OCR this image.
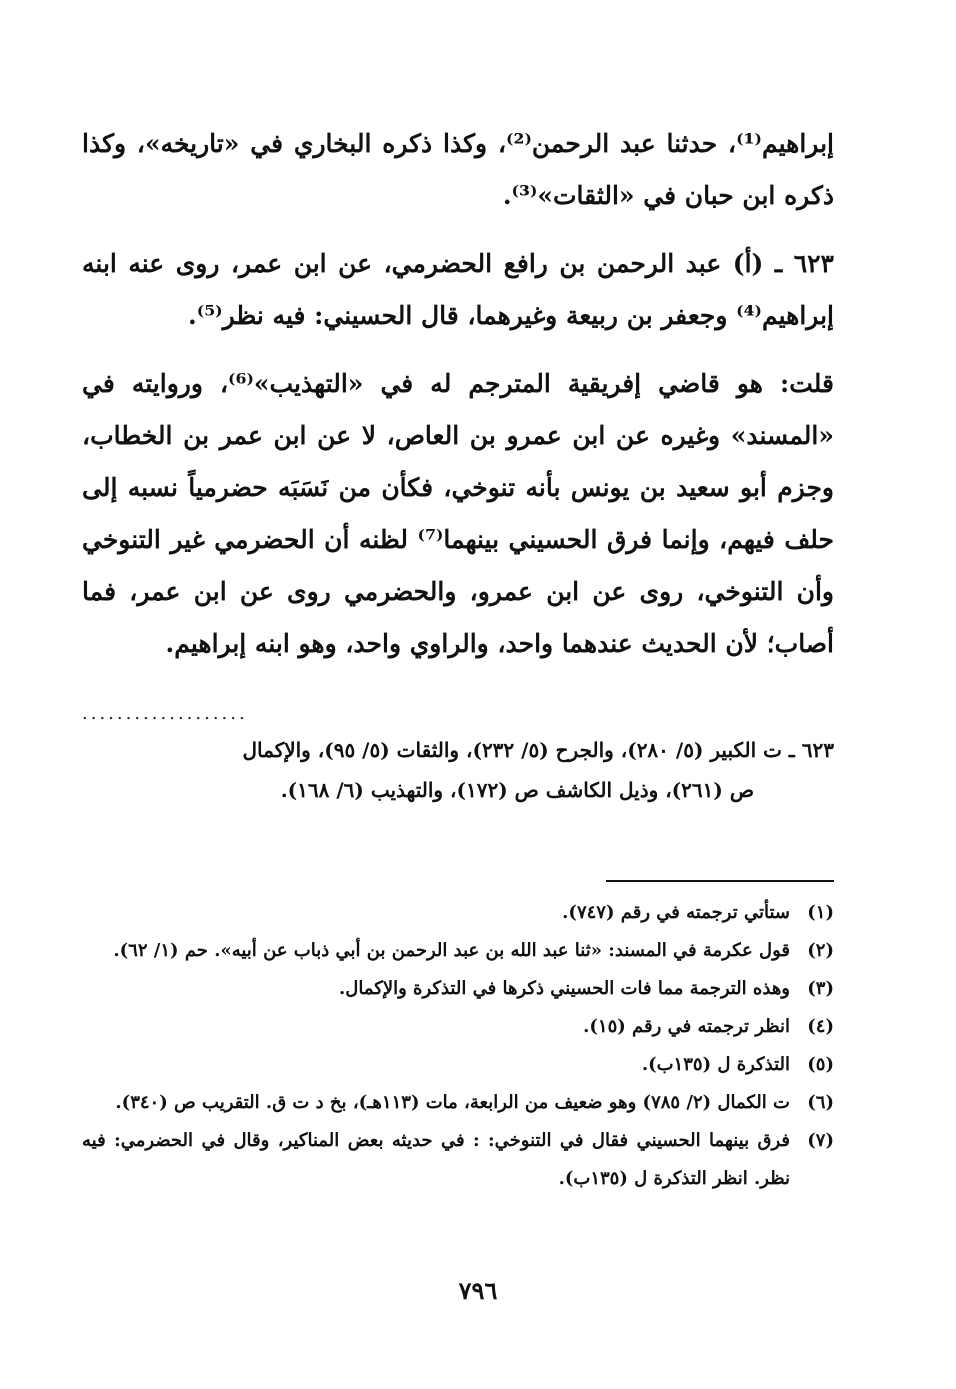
إبراهيم⁽¹⁾، حدثنا عبد الرحمن⁽²⁾، وكذا ذكره البخاري في «تاريخه»، وكذا ذكره ابن حبان في «الثقات»⁽³⁾.

٦٢٣ ـ (أ) عبد الرحمن بن رافع الحضرمي، عن ابن عمر، روى عنه ابنه إبراهيم⁽⁴⁾ وجعفر بن ربيعة وغيرهما، قال الحسيني: فيه نظر⁽⁵⁾.

قلت: هو قاضي إفريقية المترجم له في «التهذيب»⁽⁶⁾، وروايته في «المسند» وغيره عن ابن عمرو بن العاص، لا عن ابن عمر بن الخطاب، وجزم أبو سعيد بن يونس بأنه تنوخي، فكأن من نَسَبَه حضرمياً نسبه إلى حلف فيهم، وإنما فرق الحسيني بينهما⁽⁷⁾ لظنه أن الحضرمي غير التنوخي وأن التنوخي، روى عن ابن عمرو، والحضرمي روى عن ابن عمر، فما أصاب؛ لأن الحديث عندهما واحد، والراوي واحد، وهو ابنه إبراهيم.

...................
٦٢٣ ـ ت الكبير (٥/ ٢٨٠)، والجرح (٥/ ٢٣٢)، والثقات (٥/ ٩٥)، والإكمال
ص (٢٦١)، وذيل الكاشف ص (١٧٢)، والتهذيب (٦/ ١٦٨).
(١)
ستأتي ترجمته في رقم (٧٤٧).
(٢)
قول عكرمة في المسند: «ثنا عبد الله بن عبد الرحمن بن أبي ذباب عن أبيه». حم (١/ ٦٢).
(٣)
وهذه الترجمة مما فات الحسيني ذكرها في التذكرة والإكمال.
(٤)
انظر ترجمته في رقم (١٥).
(٥)
التذكرة ل (١٣٥ب).
(٦)
ت الكمال (٢/ ٧٨٥) وهو ضعيف من الرابعة، مات (١١٣هـ)، بخ د ت ق. التقريب ص (٣٤٠).
(٧)
فرق بينهما الحسيني فقال في التنوخي: : في حديثه بعض المناكير، وقال في الحضرمي: فيه نظر. انظر التذكرة ل (١٣٥ب).
٧٩٦
